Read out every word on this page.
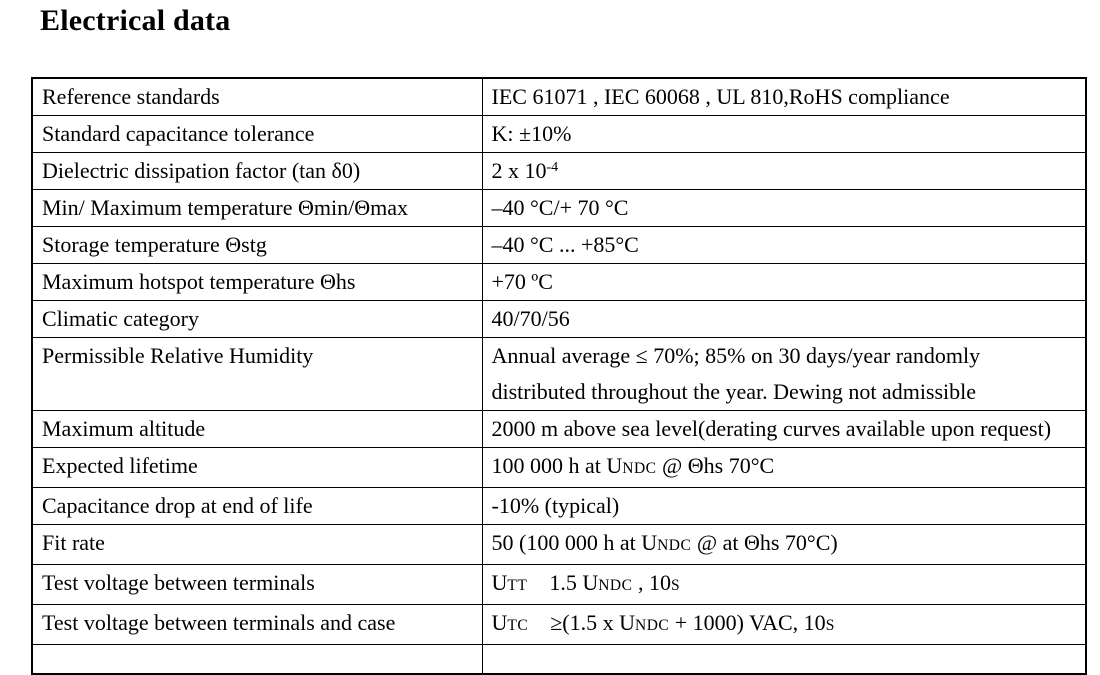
Electrical data
Reference standards	IEC 61071 , IEC 60068 , UL 810,RoHS compliance
Standard capacitance tolerance	K: ±10%
Dielectric dissipation factor (tan δ0)	2 x $10^{-4}$
Min/ Maximum temperature Θmin/Θmax	–40 °C/+ 70 °C
Storage temperature Θstg	–40 °C ... +85°C
Maximum hotspot temperature Θhs	+70 ºC
Climatic category	40/70/56
Permissible Relative Humidity	Annual average ≤ 70%; 85% on 30 days/year randomly distributed throughout the year. Dewing not admissible
Maximum altitude	2000 m above sea level(derating curves available upon request)
Expected lifetime	100 000 h at UNDC @ Θhs 70°C
Capacitance drop at end of life	-10% (typical)
Fit rate	50 (100 000 h at UNDC @ at Θhs 70°C)
Test voltage between terminals	UTT 1.5 UNDC , 10S
Test voltage between terminals and case	UTC ≥(1.5 x UNDC + 1000) VAC, 10S
